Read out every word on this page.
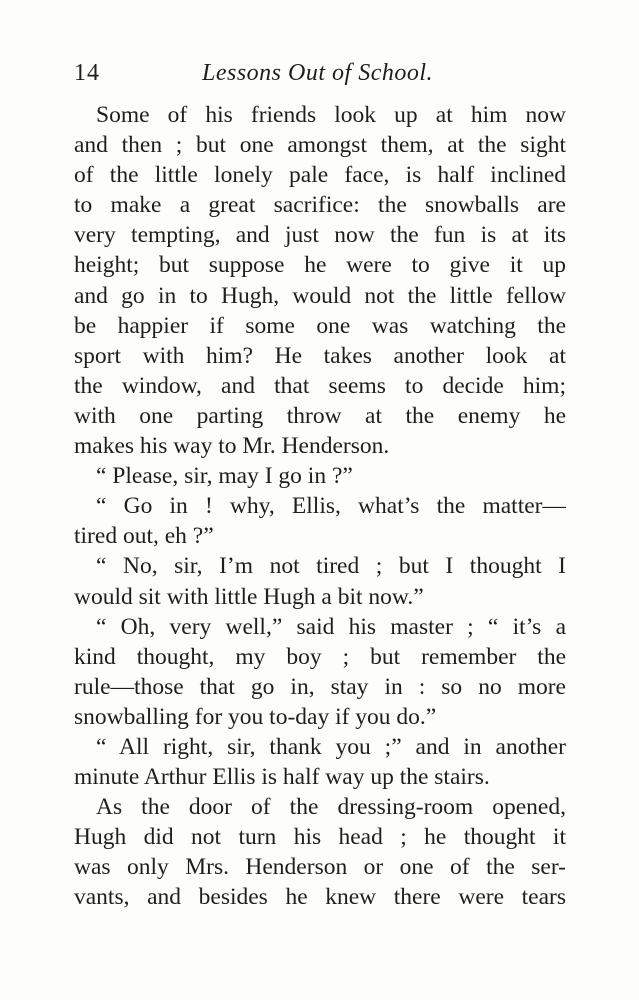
14	Lessons Out of School.
Some of his friends look up at him now
and then ; but one amongst them, at the sight
of the little lonely pale face, is half inclined
to make a great sacrifice: the snowballs are
very tempting, and just now the fun is at its
height; but suppose he were to give it up
and go in to Hugh, would not the little fellow
be happier if some one was watching the
sport with him? He takes another look at
the window, and that seems to decide him;
with one parting throw at the enemy he
makes his way to Mr. Henderson.
“ Please, sir, may I go in ?”
“ Go in ! why, Ellis, what’s the matter—
tired out, eh ?”
“ No, sir, I’m not tired ; but I thought I
would sit with little Hugh a bit now.”
“ Oh, very well,” said his master ; “ it’s a
kind thought, my boy ; but remember the
rule—those that go in, stay in : so no more
snowballing for you to-day if you do.”
“ All right, sir, thank you ;” and in another
minute Arthur Ellis is half way up the stairs.
As the door of the dressing-room opened,
Hugh did not turn his head ; he thought it
was only Mrs. Henderson or one of the ser-
vants, and besides he knew there were tears
